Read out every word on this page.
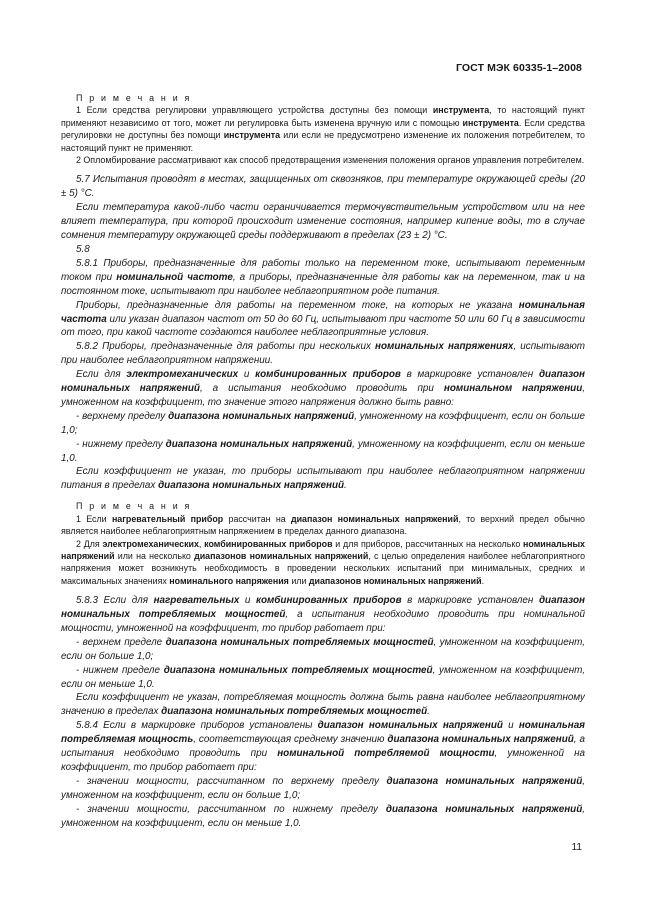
ГОСТ МЭК 60335-1–2008
П р и м е ч а н и я

1 Если средства регулировки управляющего устройства доступны без помощи инструмента, то настоящий пункт применяют независимо от того, может ли регулировка быть изменена вручную или с помощью инструмента. Если средства регулировки не доступны без помощи инструмента или если не предусмотрено изменение их положения потребителем, то настоящий пункт не применяют.

2 Опломбирование рассматривают как способ предотвращения изменения положения органов управления потребителем.

5.7 Испытания проводят в местах, защищенных от сквозняков, при температуре окружающей среды (20 ± 5) °С.

Если температура какой-либо части ограничивается термочувствительным устройством или на нее влияет температура, при которой происходит изменение состояния, например кипение воды, то в случае сомнения температуру окружающей среды поддерживают в пределах (23 ± 2) °С.

5.8

5.8.1 Приборы, предназначенные для работы только на переменном токе, испытывают переменным током при номинальной частоте, а приборы, предназначенные для работы как на переменном, так и на постоянном токе, испытывают при наиболее неблагоприятном роде питания.

Приборы, предназначенные для работы на переменном токе, на которых не указана номинальная частота или указан диапазон частот от 50 до 60 Гц, испытывают при частоте 50 или 60 Гц в зависимости от того, при какой частоте создаются наиболее неблагоприятные условия.

5.8.2 Приборы, предназначенные для работы при нескольких номинальных напряжениях, испытывают при наиболее неблагоприятном напряжении.

Если для электромеханических и комбинированных приборов в маркировке установлен диапазон номинальных напряжений, а испытания необходимо проводить при номинальном напряжении, умноженном на коэффициент, то значение этого напряжения должно быть равно:

- верхнему пределу диапазона номинальных напряжений, умноженному на коэффициент, если он больше 1,0;

- нижнему пределу диапазона номинальных напряжений, умноженному на коэффициент, если он меньше 1,0.

Если коэффициент не указан, то приборы испытывают при наиболее неблагоприятном напряжении питания в пределах диапазона номинальных напряжений.

П р и м е ч а н и я

1 Если нагревательный прибор рассчитан на диапазон номинальных напряжений, то верхний предел обычно является наиболее неблагоприятным напряжением в пределах данного диапазона.

2 Для электромеханических, комбинированных приборов и для приборов, рассчитанных на несколько номинальных напряжений или на несколько диапазонов номинальных напряжений, с целью определения наиболее неблагоприятного напряжения может возникнуть необходимость в проведении нескольких испытаний при минимальных, средних и максимальных значениях номинального напряжения или диапазонов номинальных напряжений.

5.8.3 Если для нагревательных и комбинированных приборов в маркировке установлен диапазон номинальных потребляемых мощностей, а испытания необходимо проводить при номинальной мощности, умноженной на коэффициент, то прибор работает при:

- верхнем пределе диапазона номинальных потребляемых мощностей, умноженном на коэффициент, если он больше 1,0;

- нижнем пределе диапазона номинальных потребляемых мощностей, умноженном на коэффициент, если он меньше 1,0.

Если коэффициент не указан, потребляемая мощность должна быть равна наиболее неблагоприятному значению в пределах диапазона номинальных потребляемых мощностей.

5.8.4 Если в маркировке приборов установлены диапазон номинальных напряжений и номинальная потребляемая мощность, соответствующая среднему значению диапазона номинальных напряжений, а испытания необходимо проводить при номинальной потребляемой мощности, умноженной на коэффициент, то прибор работает при:

- значении мощности, рассчитанном по верхнему пределу диапазона номинальных напряжений, умноженном на коэффициент, если он больше 1,0;

- значении мощности, рассчитанном по нижнему пределу диапазона номинальных напряжений, умноженном на коэффициент, если он меньше 1,0.

11
